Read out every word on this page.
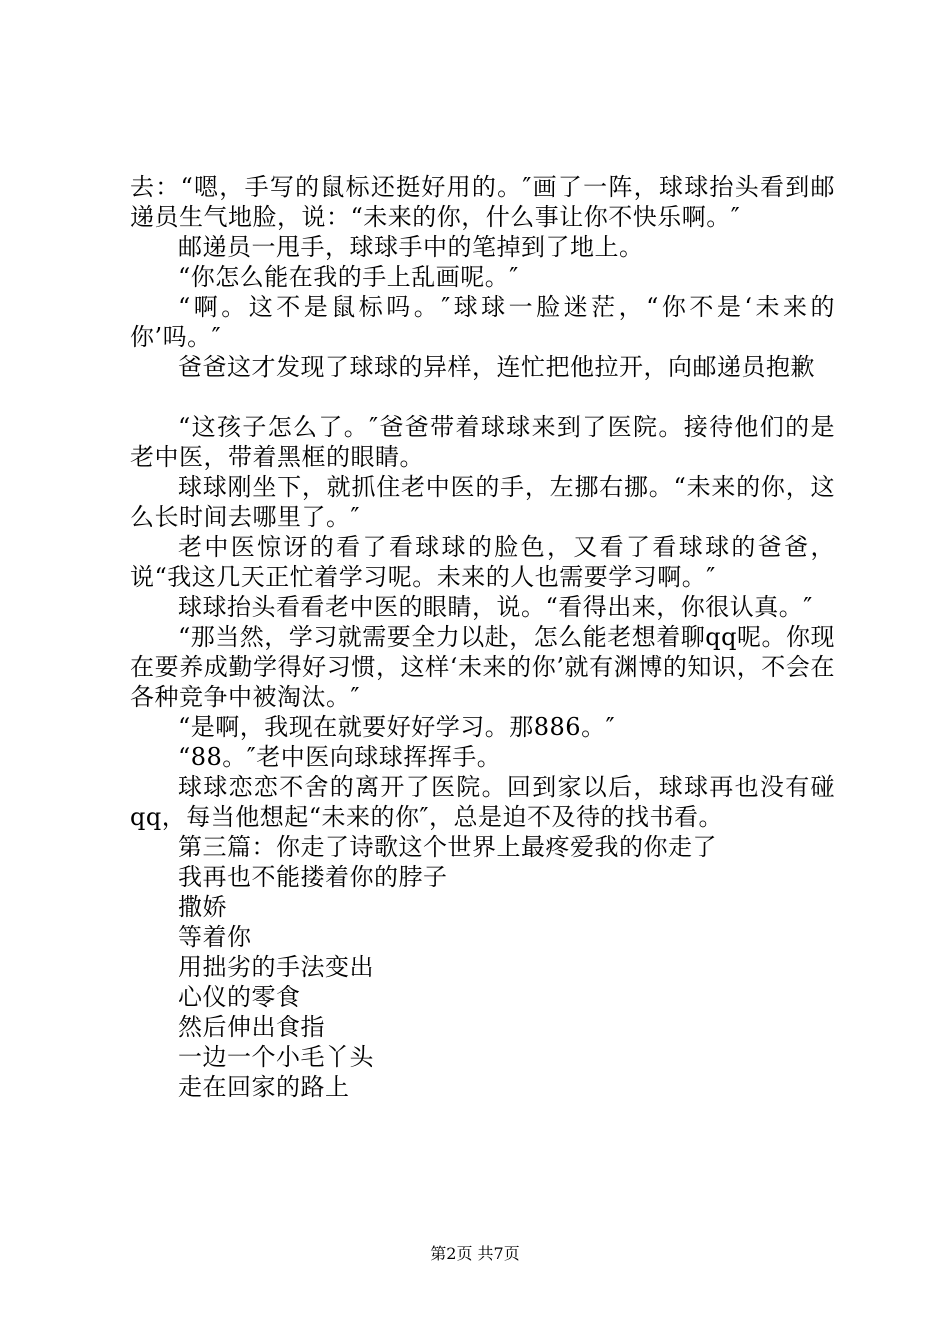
去：“嗯，手写的鼠标还挺好用的。″画了一阵，球球抬头看到邮递员生气地脸，说：“未来的你，什么事让你不快乐啊。″

邮递员一甩手，球球手中的笔掉到了地上。

“你怎么能在我的手上乱画呢。″

“啊。这不是鼠标吗。″球球一脸迷茫，“你不是‘未来的你’吗。″

爸爸这才发现了球球的异样，连忙把他拉开，向邮递员抱歉

“这孩子怎么了。″爸爸带着球球来到了医院。接待他们的是老中医，带着黑框的眼睛。

球球刚坐下，就抓住老中医的手，左挪右挪。“未来的你，这么长时间去哪里了。″

老中医惊讶的看了看球球的脸色，又看了看球球的爸爸，说“我这几天正忙着学习呢。未来的人也需要学习啊。″

球球抬头看看老中医的眼睛，说。“看得出来，你很认真。″

“那当然，学习就需要全力以赴，怎么能老想着聊qq呢。你现在要养成勤学得好习惯，这样‘未来的你’就有渊博的知识，不会在各种竞争中被淘汰。″

“是啊，我现在就要好好学习。那886。″

“88。″老中医向球球挥挥手。

球球恋恋不舍的离开了医院。回到家以后，球球再也没有碰qq，每当他想起“未来的你″，总是迫不及待的找书看。

第三篇：你走了诗歌这个世界上最疼爱我的你走了

我再也不能搂着你的脖子

撒娇

等着你

用拙劣的手法变出

心仪的零食

然后伸出食指

一边一个小毛丫头

走在回家的路上

第2页 共7页
